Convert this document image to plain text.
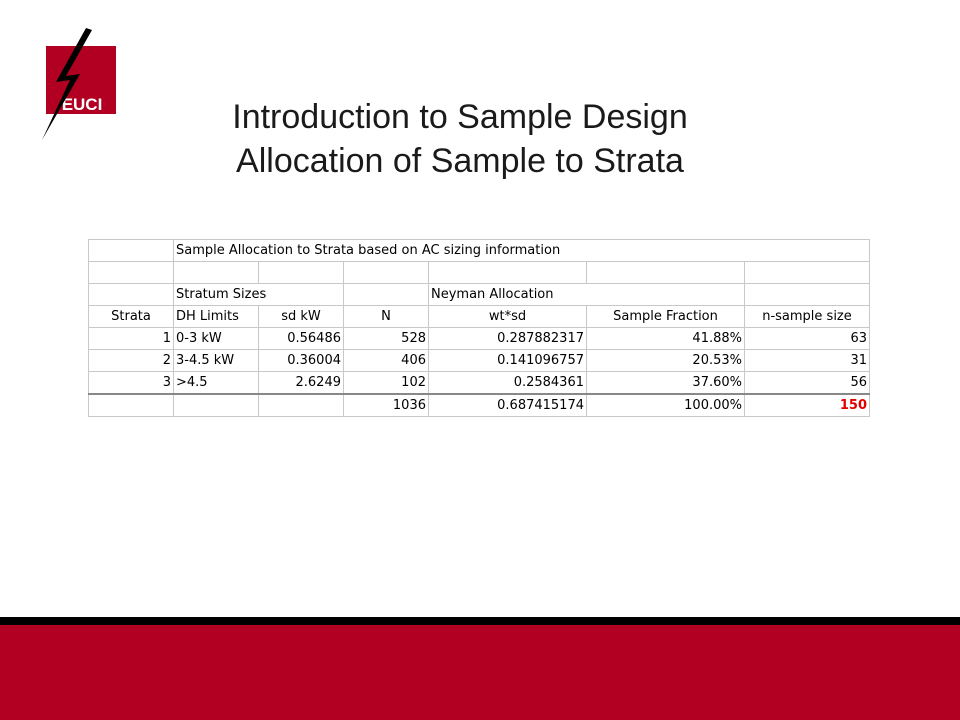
EUCI	Introduction to Sample Design
Allocation of Sample to Strata
	Sample Allocation to Strata based on AC sizing information					

	Stratum Sizes			Neyman Allocation		
Strata	DH Limits	sd kW	N	wt*sd	Sample Fraction	n-sample size
1	0-3 kW	0.56486	528	0.287882317	41.88%	63
2	3-4.5 kW	0.36004	406	0.141096757	20.53%	31
3	>4.5	2.6249	102	0.2584361	37.60%	56
			1036	0.687415174	100.00%	150
